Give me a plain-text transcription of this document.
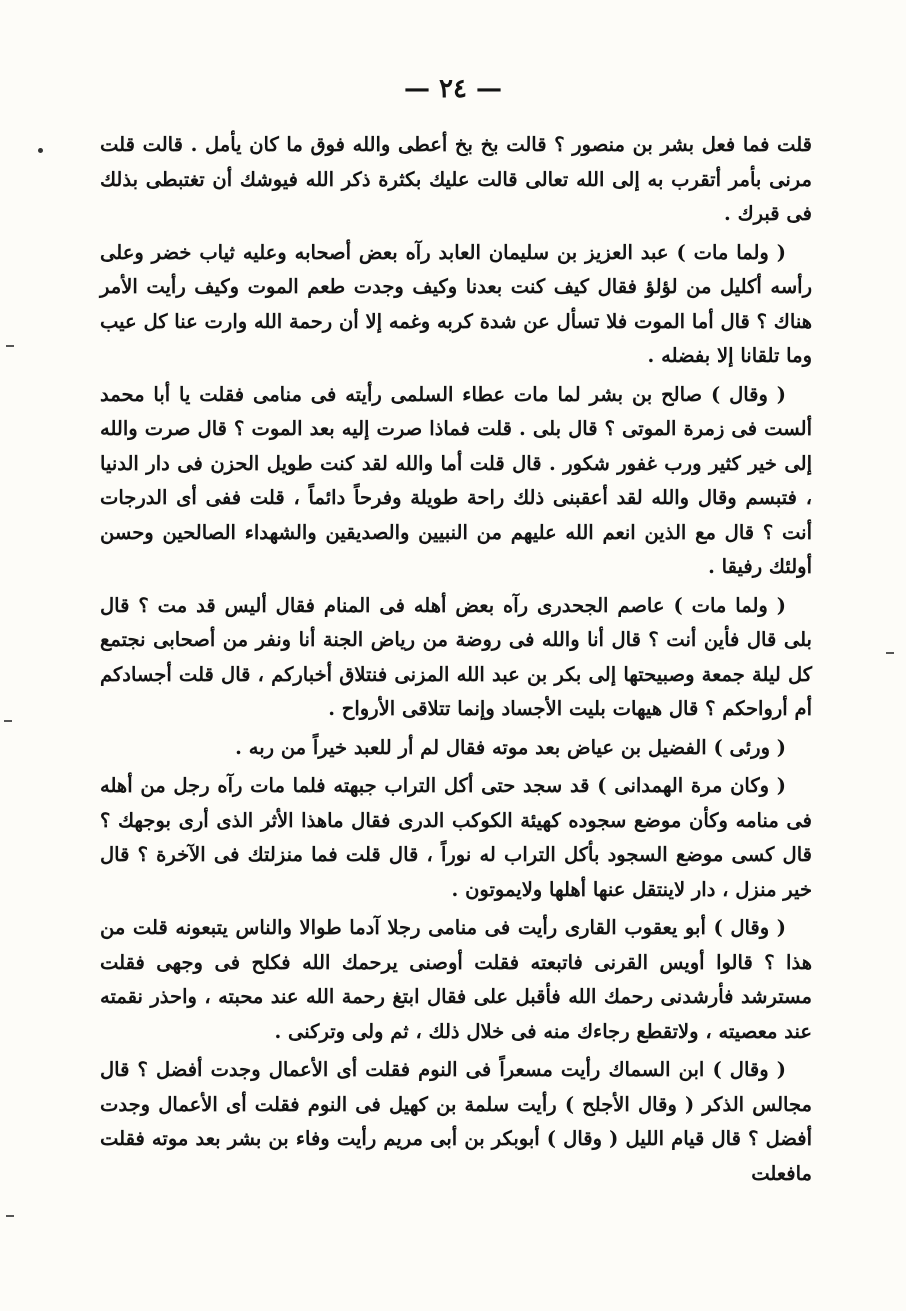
— ٢٤ —

قلت فما فعل بشر بن منصور ؟ قالت بخ بخ أعطى والله فوق ما كان يأمل . قالت قلت مرنى بأمر أتقرب به إلى الله تعالى قالت عليك بكثرة ذكر الله فيوشك أن تغتبطى بذلك فى قبرك .

( ولما مات ) عبد العزيز بن سليمان العابد رآه بعض أصحابه وعليه ثياب خضر وعلى رأسه أكليل من لؤلؤ فقال كيف كنت بعدنا وكيف وجدت طعم الموت وكيف رأيت الأمر هناك ؟ قال أما الموت فلا تسأل عن شدة كربه وغمه إلا أن رحمة الله وارت عنا كل عيب وما تلقانا إلا بفضله .

( وقال ) صالح بن بشر لما مات عطاء السلمى رأيته فى منامى فقلت يا أبا محمد ألست فى زمرة الموتى ؟ قال بلى . قلت فماذا صرت إليه بعد الموت ؟ قال صرت والله إلى خير كثير ورب غفور شكور . قال قلت أما والله لقد كنت طويل الحزن فى دار الدنيا ، فتبسم وقال والله لقد أعقبنى ذلك راحة طويلة وفرحاً دائماً ، قلت ففى أى الدرجات أنت ؟ قال مع الذين انعم الله عليهم من النبيين والصديقين والشهداء الصالحين وحسن أولئك رفيقا .

( ولما مات ) عاصم الجحدرى رآه بعض أهله فى المنام فقال أليس قد مت ؟ قال بلى قال فأين أنت ؟ قال أنا والله فى روضة من رياض الجنة أنا ونفر من أصحابى نجتمع كل ليلة جمعة وصبيحتها إلى بكر بن عبد الله المزنى فنتلاق أخباركم ، قال قلت أجسادكم أم أرواحكم ؟ قال هيهات بليت الأجساد وإنما تتلاقى الأرواح .

( ورئى ) الفضيل بن عياض بعد موته فقال لم أر للعبد خيراً من ربه .

( وكان مرة الهمدانى ) قد سجد حتى أكل التراب جبهته فلما مات رآه رجل من أهله فى منامه وكأن موضع سجوده كهيئة الكوكب الدرى فقال ماهذا الأثر الذى أرى بوجهك ؟ قال كسى موضع السجود بأكل التراب له نوراً ، قال قلت فما منزلتك فى الآخرة ؟ قال خير منزل ، دار لاينتقل عنها أهلها ولايموتون .

( وقال ) أبو يعقوب القارى رأيت فى منامى رجلا آدما طوالا والناس يتبعونه قلت من هذا ؟ قالوا أويس القرنى فاتبعته فقلت أوصنى يرحمك الله فكلح فى وجهى فقلت مسترشد فأرشدنى رحمك الله فأقبل على فقال ابتغ رحمة الله عند محبته ، واحذر نقمته عند معصيته ، ولاتقطع رجاءك منه فى خلال ذلك ، ثم ولى وتركنى .

( وقال ) ابن السماك رأيت مسعراً فى النوم فقلت أى الأعمال وجدت أفضل ؟ قال مجالس الذكر ( وقال الأجلح ) رأيت سلمة بن كهيل فى النوم فقلت أى الأعمال وجدت أفضل ؟ قال قيام الليل ( وقال ) أبوبكر بن أبى مريم رأيت وفاء بن بشر بعد موته فقلت مافعلت
